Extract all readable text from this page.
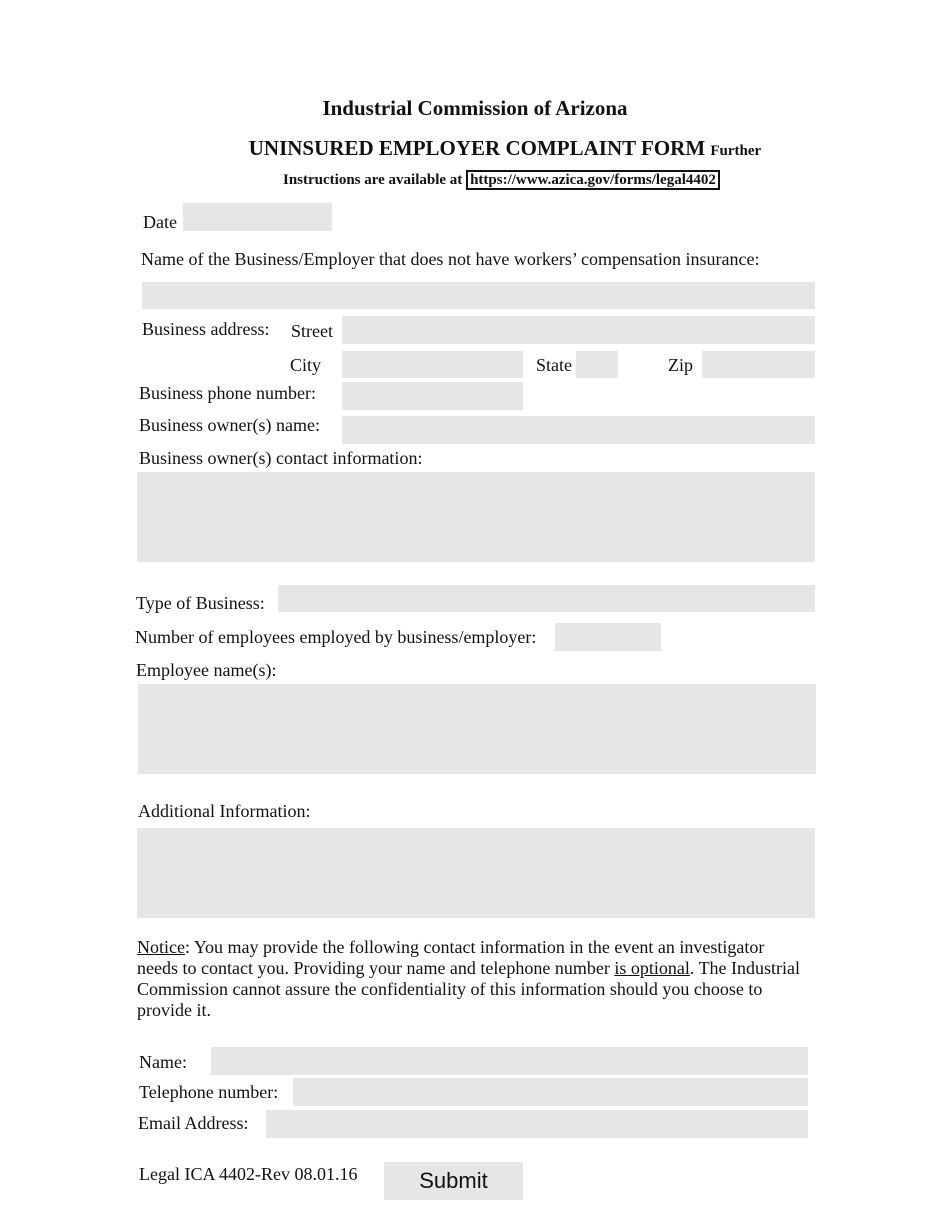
Industrial Commission of Arizona
UNINSURED EMPLOYER COMPLAINT FORM Further
Instructions are available at https://www.azica.gov/forms/legal4402
Date
Name of the Business/Employer that does not have workers’ compensation insurance:
Business address: Street
City	State	Zip
Business phone number:
Business owner(s) name:
Business owner(s) contact information:
Type of Business:
Number of employees employed by business/employer:
Employee name(s):
Additional Information:
Notice: You may provide the following contact information in the event an investigator needs to contact you. Providing your name and telephone number is optional. The Industrial Commission cannot assure the confidentiality of this information should you choose to provide it.
Name:
Telephone number:
Email Address:
Legal ICA 4402-Rev 08.01.16	Submit
